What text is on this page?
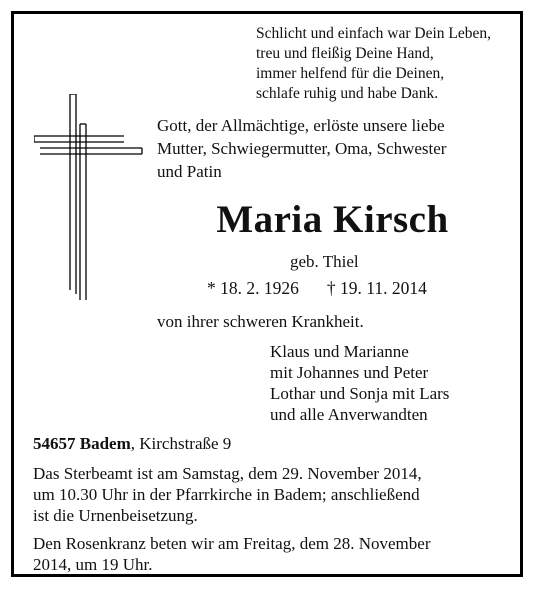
Schlicht und einfach war Dein Leben,
treu und fleißig Deine Hand,
immer helfend für die Deinen,
schlafe ruhig und habe Dank.
Gott, der Allmächtige, erlöste unsere liebe
Mutter, Schwiegermutter, Oma, Schwester
und Patin
Maria Kirsch
geb. Thiel
* 18. 2. 1926 † 19. 11. 2014
von ihrer schweren Krankheit.
Klaus und Marianne
mit Johannes und Peter
Lothar und Sonja mit Lars
und alle Anverwandten
54657 Badem, Kirchstraße 9
Das Sterbeamt ist am Samstag, dem 29. November 2014,
um 10.30 Uhr in der Pfarrkirche in Badem; anschließend
ist die Urnenbeisetzung.
Den Rosenkranz beten wir am Freitag, dem 28. November
2014, um 19 Uhr.
